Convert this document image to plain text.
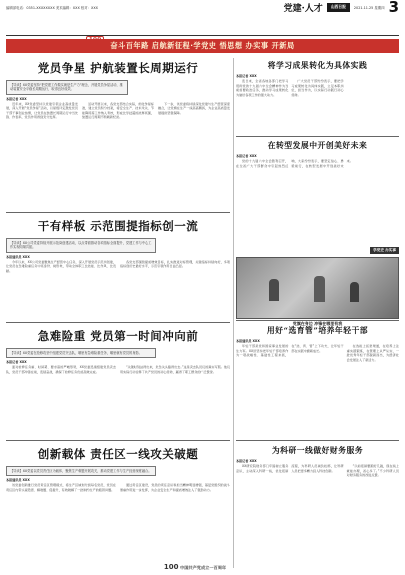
编辑部电话：0351-XXXXXXXX 美术编辑：XXX 校对：XXX	党建·人才	山西日报	2021.11.25 星期四 3
奋斗百年路 启航新征程·学党史 悟思想 办实事 开新局
党员争星 护航装置长周期运行
【导读】XX党委坚持“把党建工作做实就是生产力”理念，开展党员争星活动，推动装置安全平稳长周期运行，取得良好成效。
本报记者 XXX

近年来，XX党委坚持以党建引领企业高质量发展，深入开展“党员争星”活动，以星级评定激发党员干部干事创业热情，让党员在装置长周期运行中当先锋、作表率，党员作用得到充分发挥。

活动开展以来，各党支部结合实际，细化争星标准，建立党员积分档案，将安全生产、技术攻关、节能降耗等工作纳入考核，形成比学赶超的浓厚氛围，装置运行周期不断刷新纪录。

下一步，该党委将持续深化党建与生产经营深度融合，让党旗在生产一线高高飘扬，为企业高质量发展提供坚强保障。

干有样板 示范围提指标创一流
【导读】XX公司党委持续开展示范岗创建活动，以点带面推动各项指标全面提升，党建工作与中心工作实现同频共振。
本报通讯员 XXX

今年以来，XX公司党委聚焦生产经营中心任务，深入开展党员示范岗创建，让党员在急难险重任务中亮身份、树形象，带动全体职工比技能、比作风、比贡献。

各党支部围绕提质增效目标，扎实推进对标管理，关键指标持续向好，多项指标创历史最好水平，示范引领作用日益凸显。

急难险重 党员第一时间冲向前
【导读】XX党委在抢修攻坚中组建党员突击队，哪里有急难险重任务，哪里就有党员的身影。
本报记者 XXX

面对检修任务重、时间紧、要求高的严峻形势，XX党委迅速组建党员突击队，党员干部冲锋在前，连续奋战，确保了检修任务优质高效完成。

“关键时刻站得出来，危急关头豁得出去。”这是突击队员们的真实写照。他们用实际行动诠释了共产党员的初心使命，赢得了职工群众的广泛赞誉。

创新载体 责任区一线攻关破题
【导读】XX党委以党员责任区为载体，聚焦生产难题开展攻关，推动党建工作与生产经营深度融合。
本报通讯员 XXX

该党委创新推行党员责任区管理模式，将生产区域划分到每名党员，党员在责任区内带头查隐患、解难题、促提升，有效破解了一批制约生产的瓶颈问题。

通过责任区建设，党员的责任意识和担当精神明显增强，基层党组织的战斗堡垒作用进一步发挥，为企业安全生产和提质增效注入了强劲动力。

将学习成果转化为具体实践
本报记者 XXX

连日来，全省各地各部门把学习贯彻党的十九届六中全会精神作为当前首要政治任务，推动学习成果转化为做好各项工作的强大动力。

广大党员干部纷纷表示，要把学习成果转化为具体实践，立足本职岗位，担当作为，以实际行动践行初心使命。

在转型发展中开创美好未来
本报记者 XXX

党的十九届六中全会胜利召开，在全省广大干部群众中引起热烈反响，大家纷纷表示，要坚定信心、勇毅前行，在转型发展中开创美好未来。

学党史 办实事
党旗在身边 冲锋在哪里有我
用好“选育管”培养年轻干部
本报通讯员 XXX

年轻干部是党和国家事业发展的生力军。XX县坚持把年轻干部培养作为一项战略性、基础性工程来抓，在“选、育、管”上下功夫，让年轻干部在实践中磨砺成长。

在选拔上拓宽渠道，在培养上注重实践锻炼，在管理上从严从实，一批优秀年轻干部脱颖而出，为经济社会发展注入了新活力。

为科研一线做好财务服务
本报记者 XXX

XX研究院财务部门牢固树立服务意识，主动深入科研一线，优化报销流程，为科研人员减负松绑，让科研人员把更多精力投入科技创新。

“以前报销要跑好几趟，现在线上就能办理，省心多了。”不少科研人员对财务服务的改进点赞。

100 中国共产党成立一百周年
